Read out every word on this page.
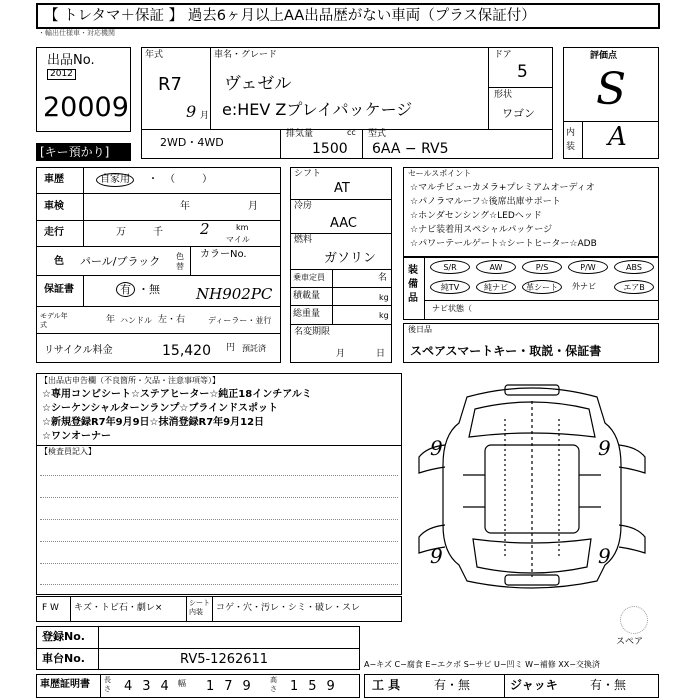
【 トレタマ＋保証 】 過去6ヶ月以上AA出品歴がない車両（プラス保証付）
・輸出仕様車・対応機関
出品No.
2012
20009
[キー預かり]
年式
R7
9 月
車名・グレード
ヴェゼル
e:HEV Zプレイパッケージ
ドア
5
形状
ワゴン
2WD・4WD
排気量	cc
1500
型式
6AA − RV5
評価点
S
内装 A
車歴	自家用	・（ ）
車検	年	月
走行	万	千 2	km
マイル
色 パール/ブラック 色替
カラーNo.
NH902PC
保証書	有 ・無
モデル年式	年 ハンドル 左・右	ディーラー・並行
リサイクル料金	15,420 円 預託済
シフト
AT
冷房
AAC
燃料
ガソリン
乗車定員	名
積載量	kg
総重量	kg
名変期限
月	日
セールスポイント
☆マルチビューカメラ+プレミアムオーディオ
☆パノラマルーフ☆後席出庫サポート
☆ホンダセンシング☆LEDヘッド
☆ナビ装着用スペシャルパッケージ
☆パワーテールゲート☆シートヒーター☆ADB
装備品
S/R	AW	P/S	P/W	ABS
純TV	純ナビ	革シート	外ナビ	エアB
ナビ状態（
後日品
スペアスマートキー・取説・保証書
【出品店申告欄（不良箇所・欠品・注意事項等）】
☆専用コンビシート☆ステアヒーター☆純正18インチアルミ
☆シーケンシャルターンランプ☆ブラインドスポット
☆新規登録R7年9月9日☆抹消登録R7年9月12日
☆ワンオーナー
【検査員記入】	9	9
9	9
スペア
F W キズ・トビ石・劇レ×	シート内装	コゲ・穴・汚レ・シミ・破レ・スレ
登録No.
車台No.	RV5-1262611
車歴証明書 長さ 434 幅 179 高さ 159
A−キズ C−腐食 E−エクボ S−サビ U−凹ミ W−補修 XX−交換済
工 具	有・無	ジャッキ	有・無
